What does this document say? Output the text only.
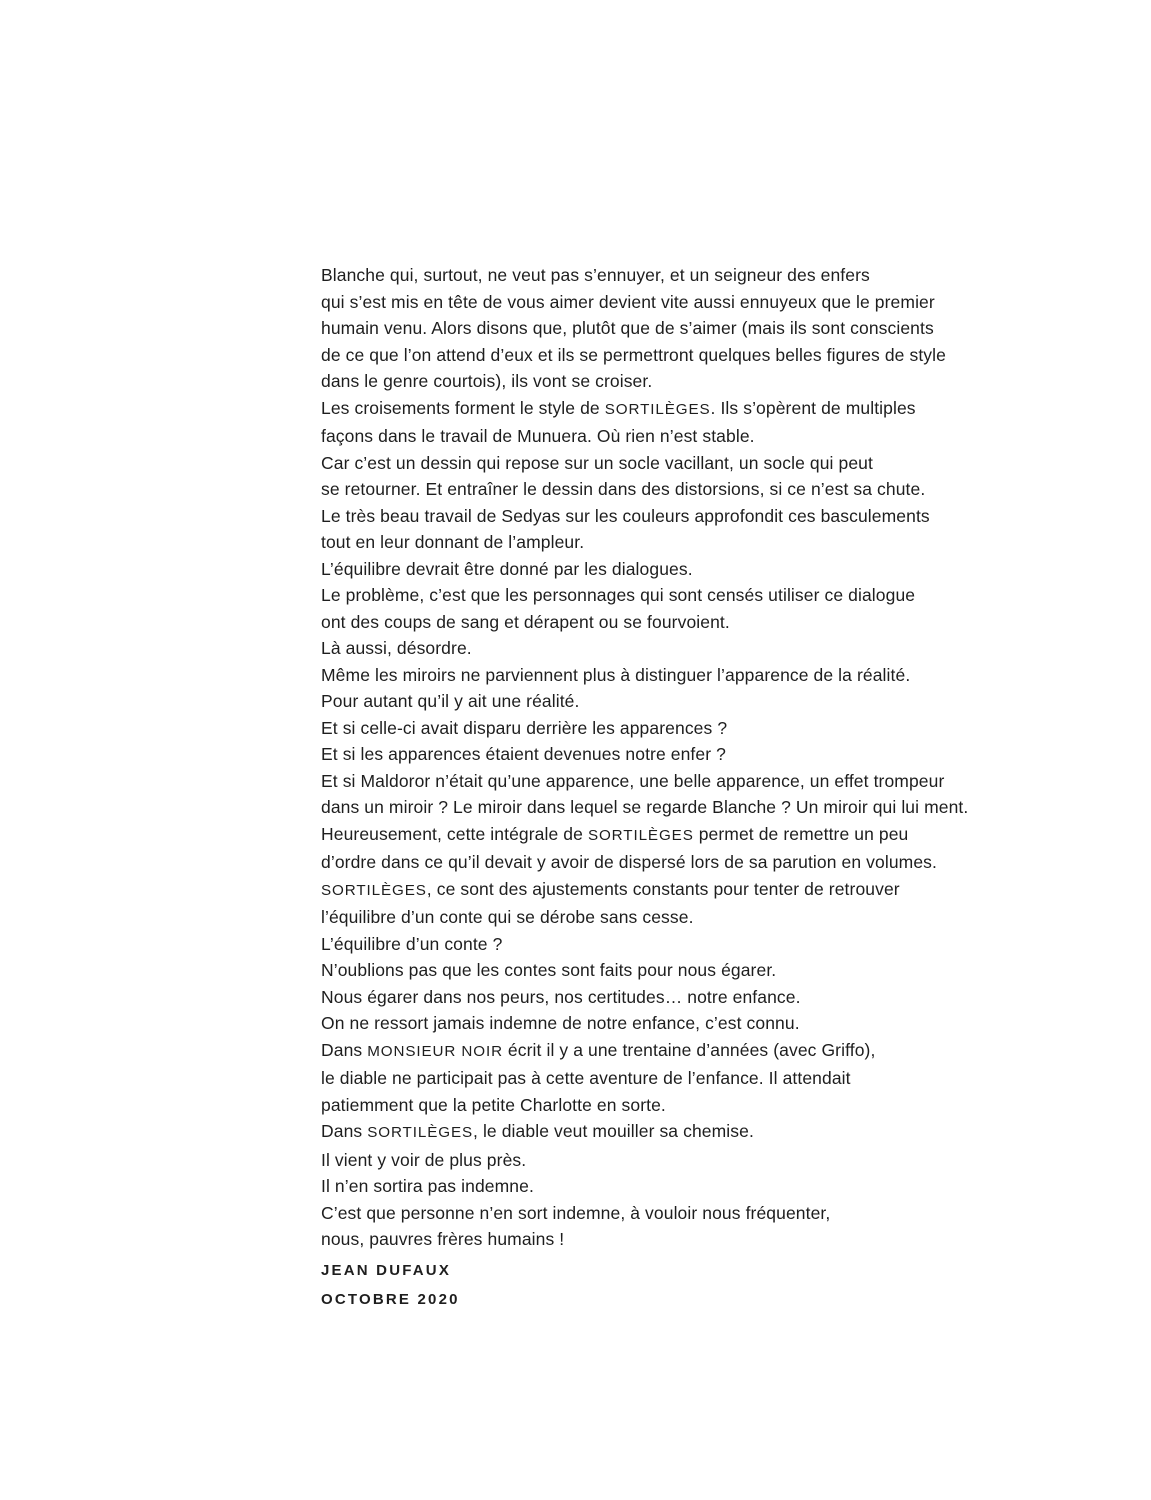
Blanche qui, surtout, ne veut pas s’ennuyer, et un seigneur des enfers
qui s’est mis en tête de vous aimer devient vite aussi ennuyeux que le premier
humain venu. Alors disons que, plutôt que de s’aimer (mais ils sont conscients
de ce que l’on attend d’eux et ils se permettront quelques belles figures de style
dans le genre courtois), ils vont se croiser.
Les croisements forment le style de SORTILÈGES. Ils s’opèrent de multiples
façons dans le travail de Munuera. Où rien n’est stable.
Car c’est un dessin qui repose sur un socle vacillant, un socle qui peut
se retourner. Et entraîner le dessin dans des distorsions, si ce n’est sa chute.
Le très beau travail de Sedyas sur les couleurs approfondit ces basculements
tout en leur donnant de l’ampleur.
L’équilibre devrait être donné par les dialogues.
Le problème, c’est que les personnages qui sont censés utiliser ce dialogue
ont des coups de sang et dérapent ou se fourvoient.
Là aussi, désordre.
Même les miroirs ne parviennent plus à distinguer l’apparence de la réalité.
Pour autant qu’il y ait une réalité.
Et si celle-ci avait disparu derrière les apparences ?
Et si les apparences étaient devenues notre enfer ?
Et si Maldoror n’était qu’une apparence, une belle apparence, un effet trompeur
dans un miroir ? Le miroir dans lequel se regarde Blanche ? Un miroir qui lui ment.
Heureusement, cette intégrale de SORTILÈGES permet de remettre un peu
d’ordre dans ce qu’il devait y avoir de dispersé lors de sa parution en volumes.
SORTILÈGES, ce sont des ajustements constants pour tenter de retrouver
l’équilibre d’un conte qui se dérobe sans cesse.
L’équilibre d’un conte ?
N’oublions pas que les contes sont faits pour nous égarer.
Nous égarer dans nos peurs, nos certitudes… notre enfance.
On ne ressort jamais indemne de notre enfance, c’est connu.
Dans MONSIEUR NOIR écrit il y a une trentaine d’années (avec Griffo),
le diable ne participait pas à cette aventure de l’enfance. Il attendait
patiemment que la petite Charlotte en sorte.
Dans SORTILÈGES, le diable veut mouiller sa chemise.
Il vient y voir de plus près.
Il n’en sortira pas indemne.
C’est que personne n’en sort indemne, à vouloir nous fréquenter,
nous, pauvres frères humains !
JEAN DUFAUX
OCTOBRE 2020
